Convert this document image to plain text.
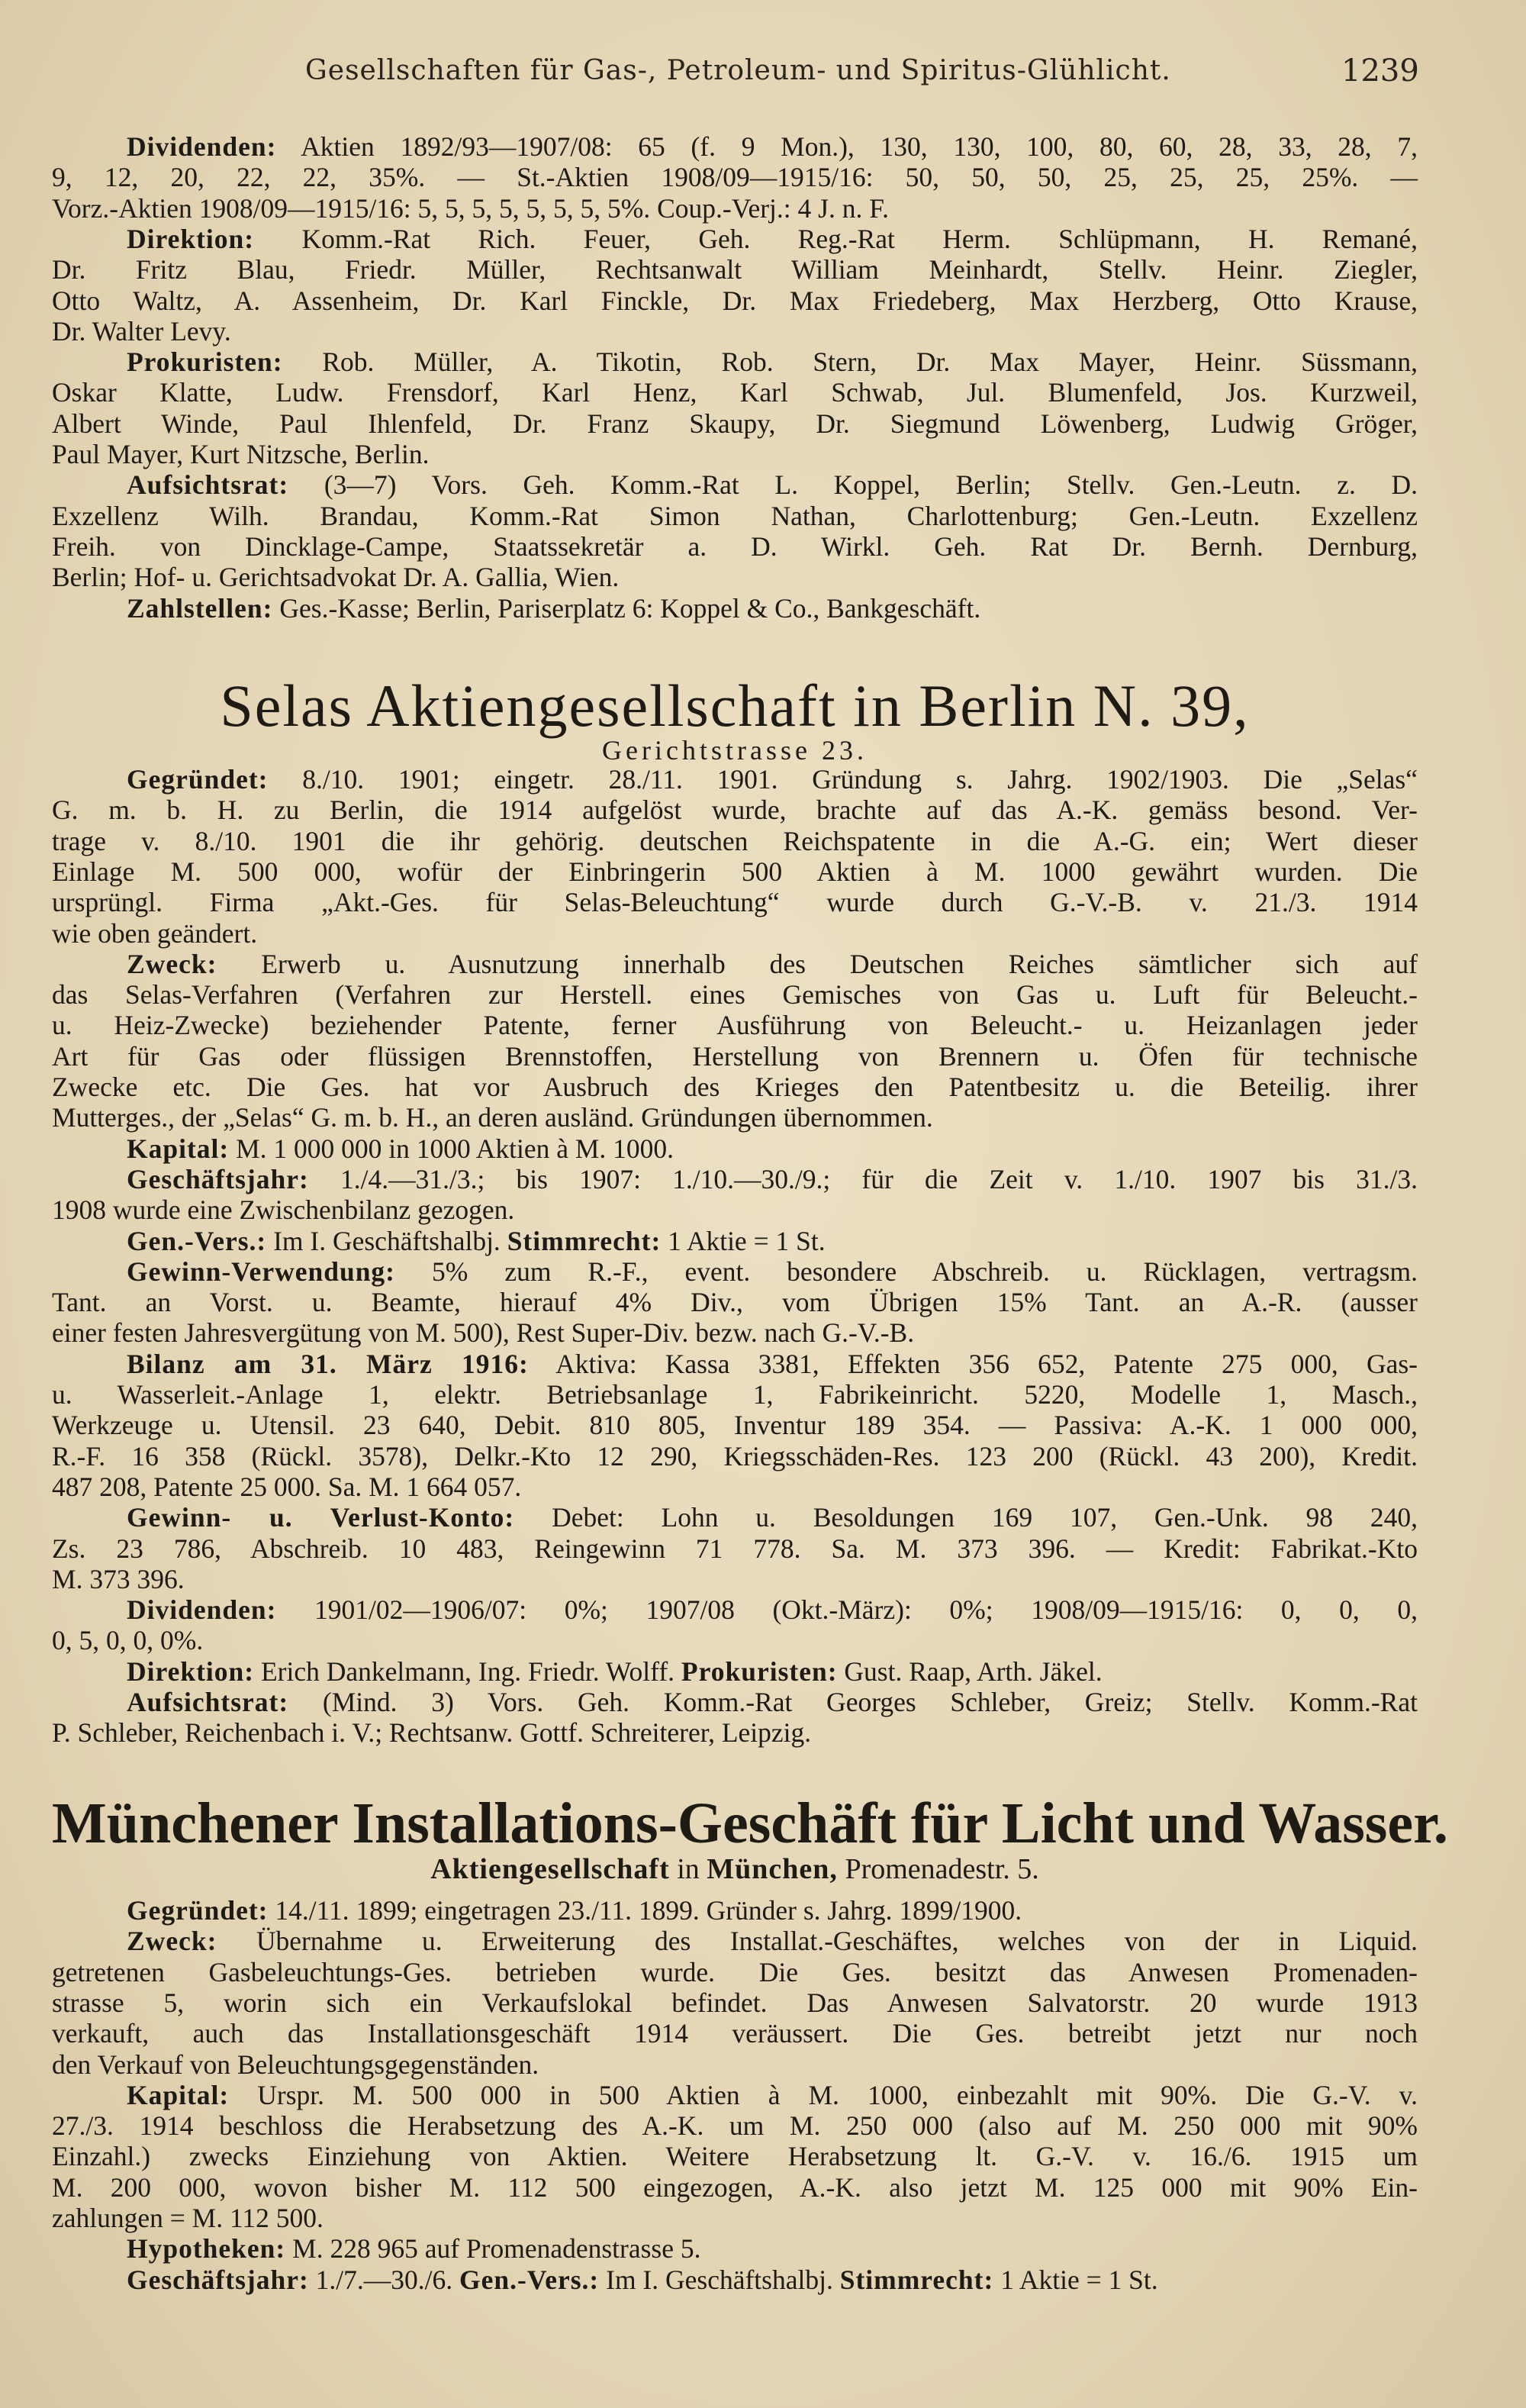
Gesellschaften für Gas-, Petroleum- und Spiritus-Glühlicht.	1239
Selas Aktiengesellschaft in Berlin N. 39,
Gerichtstrasse 23.
Münchener Installations-Geschäft für Licht und Wasser.
Aktiengesellschaft in München, Promenadestr. 5.
Dividenden: Aktien 1892/93—1907/08: 65 (f. 9 Mon.), 130, 130, 100, 80, 60, 28, 33, 28, 7,
9, 12, 20, 22, 22, 35%. — St.-Aktien 1908/09—1915/16: 50, 50, 50, 25, 25, 25, 25%. —
Vorz.-Aktien 1908/09—1915/16: 5, 5, 5, 5, 5, 5, 5, 5%. Coup.-Verj.: 4 J. n. F.
Direktion: Komm.-Rat Rich. Feuer, Geh. Reg.-Rat Herm. Schlüpmann, H. Remané,
Dr. Fritz Blau, Friedr. Müller, Rechtsanwalt William Meinhardt, Stellv. Heinr. Ziegler,
Otto Waltz, A. Assenheim, Dr. Karl Finckle, Dr. Max Friedeberg, Max Herzberg, Otto Krause,
Dr. Walter Levy.
Prokuristen: Rob. Müller, A. Tikotin, Rob. Stern, Dr. Max Mayer, Heinr. Süssmann,
Oskar Klatte, Ludw. Frensdorf, Karl Henz, Karl Schwab, Jul. Blumenfeld, Jos. Kurzweil,
Albert Winde, Paul Ihlenfeld, Dr. Franz Skaupy, Dr. Siegmund Löwenberg, Ludwig Gröger,
Paul Mayer, Kurt Nitzsche, Berlin.
Aufsichtsrat: (3—7) Vors. Geh. Komm.-Rat L. Koppel, Berlin; Stellv. Gen.-Leutn. z. D.
Exzellenz Wilh. Brandau, Komm.-Rat Simon Nathan, Charlottenburg; Gen.-Leutn. Exzellenz
Freih. von Dincklage-Campe, Staatssekretär a. D. Wirkl. Geh. Rat Dr. Bernh. Dernburg,
Berlin; Hof- u. Gerichtsadvokat Dr. A. Gallia, Wien.
Zahlstellen: Ges.-Kasse; Berlin, Pariserplatz 6: Koppel & Co., Bankgeschäft.
Gegründet: 8./10. 1901; eingetr. 28./11. 1901. Gründung s. Jahrg. 1902/1903. Die „Selas“
G. m. b. H. zu Berlin, die 1914 aufgelöst wurde, brachte auf das A.-K. gemäss besond. Ver-
trage v. 8./10. 1901 die ihr gehörig. deutschen Reichspatente in die A.-G. ein; Wert dieser
Einlage M. 500 000, wofür der Einbringerin 500 Aktien à M. 1000 gewährt wurden. Die
ursprüngl. Firma „Akt.-Ges. für Selas-Beleuchtung“ wurde durch G.-V.-B. v. 21./3. 1914
wie oben geändert.
Zweck: Erwerb u. Ausnutzung innerhalb des Deutschen Reiches sämtlicher sich auf
das Selas-Verfahren (Verfahren zur Herstell. eines Gemisches von Gas u. Luft für Beleucht.-
u. Heiz-Zwecke) beziehender Patente, ferner Ausführung von Beleucht.- u. Heizanlagen jeder
Art für Gas oder flüssigen Brennstoffen, Herstellung von Brennern u. Öfen für technische
Zwecke etc. Die Ges. hat vor Ausbruch des Krieges den Patentbesitz u. die Beteilig. ihrer
Mutterges., der „Selas“ G. m. b. H., an deren ausländ. Gründungen übernommen.
Kapital: M. 1 000 000 in 1000 Aktien à M. 1000.
Geschäftsjahr: 1./4.—31./3.; bis 1907: 1./10.—30./9.; für die Zeit v. 1./10. 1907 bis 31./3.
1908 wurde eine Zwischenbilanz gezogen.
Gen.-Vers.: Im I. Geschäftshalbj. Stimmrecht: 1 Aktie = 1 St.
Gewinn-Verwendung: 5% zum R.-F., event. besondere Abschreib. u. Rücklagen, vertragsm.
Tant. an Vorst. u. Beamte, hierauf 4% Div., vom Übrigen 15% Tant. an A.-R. (ausser
einer festen Jahresvergütung von M. 500), Rest Super-Div. bezw. nach G.-V.-B.
Bilanz am 31. März 1916: Aktiva: Kassa 3381, Effekten 356 652, Patente 275 000, Gas-
u. Wasserleit.-Anlage 1, elektr. Betriebsanlage 1, Fabrikeinricht. 5220, Modelle 1, Masch.,
Werkzeuge u. Utensil. 23 640, Debit. 810 805, Inventur 189 354. — Passiva: A.-K. 1 000 000,
R.-F. 16 358 (Rückl. 3578), Delkr.-Kto 12 290, Kriegsschäden-Res. 123 200 (Rückl. 43 200), Kredit.
487 208, Patente 25 000. Sa. M. 1 664 057.
Gewinn- u. Verlust-Konto: Debet: Lohn u. Besoldungen 169 107, Gen.-Unk. 98 240,
Zs. 23 786, Abschreib. 10 483, Reingewinn 71 778. Sa. M. 373 396. — Kredit: Fabrikat.-Kto
M. 373 396.
Dividenden: 1901/02—1906/07: 0%; 1907/08 (Okt.-März): 0%; 1908/09—1915/16: 0, 0, 0,
0, 5, 0, 0, 0%.
Direktion: Erich Dankelmann, Ing. Friedr. Wolff. Prokuristen: Gust. Raap, Arth. Jäkel.
Aufsichtsrat: (Mind. 3) Vors. Geh. Komm.-Rat Georges Schleber, Greiz; Stellv. Komm.-Rat
P. Schleber, Reichenbach i. V.; Rechtsanw. Gottf. Schreiterer, Leipzig.
Gegründet: 14./11. 1899; eingetragen 23./11. 1899. Gründer s. Jahrg. 1899/1900.
Zweck: Übernahme u. Erweiterung des Installat.-Geschäftes, welches von der in Liquid.
getretenen Gasbeleuchtungs-Ges. betrieben wurde. Die Ges. besitzt das Anwesen Promenaden-
strasse 5, worin sich ein Verkaufslokal befindet. Das Anwesen Salvatorstr. 20 wurde 1913
verkauft, auch das Installationsgeschäft 1914 veräussert. Die Ges. betreibt jetzt nur noch
den Verkauf von Beleuchtungsgegenständen.
Kapital: Urspr. M. 500 000 in 500 Aktien à M. 1000, einbezahlt mit 90%. Die G.-V. v.
27./3. 1914 beschloss die Herabsetzung des A.-K. um M. 250 000 (also auf M. 250 000 mit 90%
Einzahl.) zwecks Einziehung von Aktien. Weitere Herabsetzung lt. G.-V. v. 16./6. 1915 um
M. 200 000, wovon bisher M. 112 500 eingezogen, A.-K. also jetzt M. 125 000 mit 90% Ein-
zahlungen = M. 112 500.
Hypotheken: M. 228 965 auf Promenadenstrasse 5.
Geschäftsjahr: 1./7.—30./6. Gen.-Vers.: Im I. Geschäftshalbj. Stimmrecht: 1 Aktie = 1 St.
